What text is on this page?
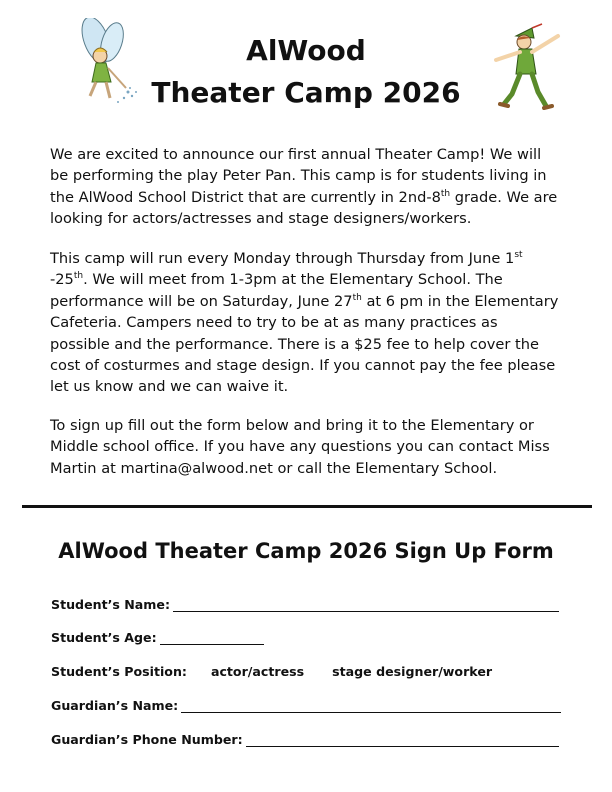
AlWood
Theater Camp 2026

We are excited to announce our first annual Theater Camp! We will
be performing the play Peter Pan. This camp is for students living in
the AlWood School District that are currently in 2nd-8th grade. We are
looking for actors/actresses and stage designers/workers.

This camp will run every Monday through Thursday from June 1st
-25th. We will meet from 1-3pm at the Elementary School. The
performance will be on Saturday, June 27th at 6 pm in the Elementary
Cafeteria. Campers need to try to be at as many practices as
possible and the performance. There is a $25 fee to help cover the
cost of costurmes and stage design. If you cannot pay the fee please
let us know and we can waive it.

To sign up fill out the form below and bring it to the Elementary or
Middle school office. If you have any questions you can contact Miss
Martin at martina@alwood.net or call the Elementary School.

AlWood Theater Camp 2026 Sign Up Form
Student’s Name:
Student’s Age:
Student’s Position: actor/actress stage designer/worker
Guardian’s Name:
Guardian’s Phone Number:
